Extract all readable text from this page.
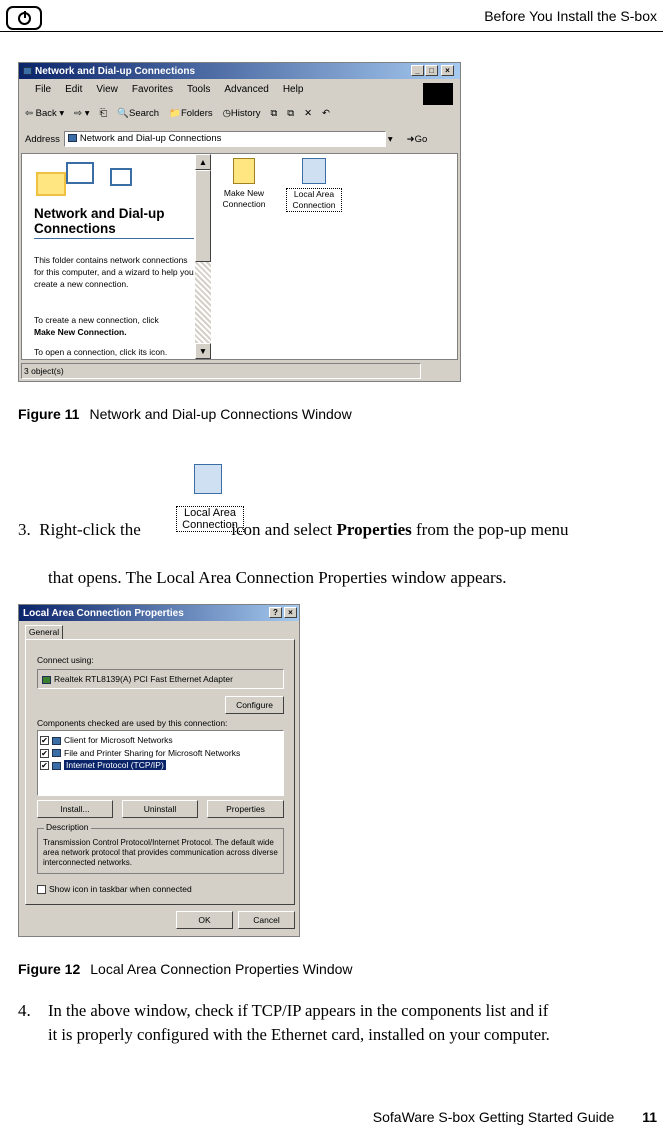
Before You Install the S-box
Network and Dial-up Connections	_	□	×
File Edit View Favorites Tools Advanced Help
⇦ Back ▾ ⇨ ▾ ⎗ 🔍Search 📁Folders ◷History ⧉ ⧉ ✕ ↶
Address	Network and Dial-up Connections	▾ ➜Go
Network and Dial-up Connections
This folder contains network connections for this computer, and a wizard to help you create a new connection.
To create a new connection, click
Make New Connection.
To open a connection, click its icon.
▲
▼
Make New Connection
Local Area Connection
3 object(s)
Figure 11 Network and Dial-up Connections Window
Local Area Connection
3. Right-click the	icon and select Properties from the pop-up menu
that opens. The Local Area Connection Properties window appears.
Local Area Connection Properties	?	×
General
Connect using:
Realtek RTL8139(A) PCI Fast Ethernet Adapter
Configure
Components checked are used by this connection:
✔ Client for Microsoft Networks
✔ File and Printer Sharing for Microsoft Networks
✔ Internet Protocol (TCP/IP)
Install...	Uninstall	Properties
Description
Transmission Control Protocol/Internet Protocol. The default wide area network protocol that provides communication across diverse interconnected networks.
Show icon in taskbar when connected
OK	Cancel
Figure 12 Local Area Connection Properties Window
4. In the above window, check if TCP/IP appears in the components list and if
it is properly configured with the Ethernet card, installed on your computer.
SofaWare S-box Getting Started Guide 11
